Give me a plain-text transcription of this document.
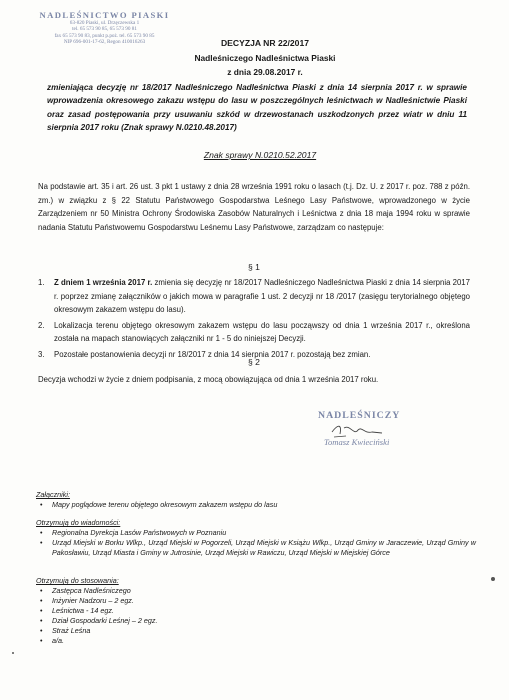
NADLEŚNICTWO PIASKI
63-820 Piaski, ul. Drzęczewska 1
tel. 65 573 90 85, 65 573 90 81
fax 65 573 90 83, punkt p.poż. tel. 65 573 90 85
NIP 696-001-17-62, Regon 410016263	DECYZJA NR 22/2017
Nadleśniczego Nadleśnictwa Piaski
z dnia 29.08.2017 r.
zmieniająca decyzję nr 18/2017 Nadleśniczego Nadleśnictwa Piaski z dnia 14 sierpnia 2017 r. w sprawie wprowadzenia okresowego zakazu wstępu do lasu w poszczególnych leśnictwach w Nadleśnictwie Piaski oraz zasad postępowania przy usuwaniu szkód w drzewostanach uszkodzonych przez wiatr w dniu 11 sierpnia 2017 roku (Znak sprawy N.0210.48.2017)
Znak sprawy N.0210.52.2017
Na podstawie art. 35 i art. 26 ust. 3 pkt 1 ustawy z dnia 28 września 1991 roku o lasach (t.j. Dz. U. z 2017 r. poz. 788 z późn. zm.) w związku z § 22 Statutu Państwowego Gospodarstwa Leśnego Lasy Państwowe, wprowadzonego w życie Zarządzeniem nr 50 Ministra Ochrony Środowiska Zasobów Naturalnych i Leśnictwa z dnia 18 maja 1994 roku w sprawie nadania Statutu Państwowemu Gospodarstwu Leśnemu Lasy Państwowe, zarządzam co następuje:
§ 1
1. Z dniem 1 września 2017 r. zmienia się decyzję nr 18/2017 Nadleśniczego Nadleśnictwa Piaski z dnia 14 sierpnia 2017 r. poprzez zmianę załączników o jakich mowa w paragrafie 1 ust. 2 decyzji nr 18 /2017 (zasięgu terytorialnego objętego okresowym zakazem wstępu do lasu).
2. Lokalizacja terenu objętego okresowym zakazem wstępu do lasu począwszy od dnia 1 września 2017 r., określona została na mapach stanowiących załączniki nr 1 - 5 do niniejszej Decyzji.
3. Pozostałe postanowienia decyzji nr 18/2017 z dnia 14 sierpnia 2017 r. pozostają bez zmian.
§ 2
Decyzja wchodzi w życie z dniem podpisania, z mocą obowiązująca od dnia 1 września 2017 roku.
NADLEŚNICZY
Tomasz Kwieciński
Załączniki:
• Mapy poglądowe terenu objętego okresowym zakazem wstępu do lasu
Otrzymują do wiadomości:
• Regionalna Dyrekcja Lasów Państwowych w Poznaniu
• Urząd Miejski w Borku Wlkp., Urząd Miejski w Pogorzeli, Urząd Miejski w Książu Wlkp., Urząd Gminy w Jaraczewie, Urząd Gminy w Pakosławiu, Urząd Miasta i Gminy w Jutrosinie, Urząd Miejski w Rawiczu, Urząd Miejski w Miejskiej Górce
Otrzymują do stosowania:
• Zastępca Nadleśniczego
• Inżynier Nadzoru – 2 egz.
• Leśnictwa - 14 egz.
• Dział Gospodarki Leśnej – 2 egz.
• Straż Leśna
• a/a.
